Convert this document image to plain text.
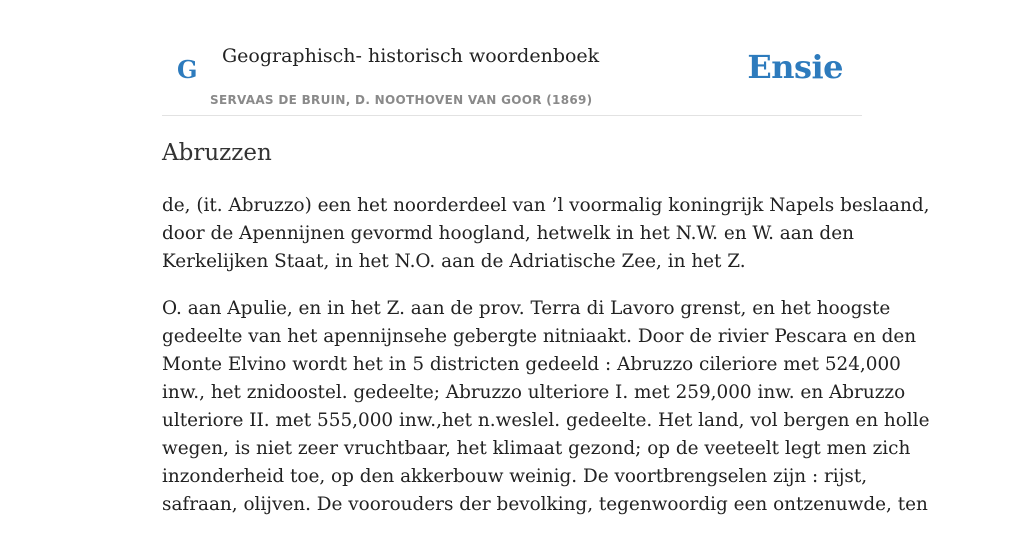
G Geographisch- historisch woordenboek
SERVAAS DE BRUIN, D. NOOTHOVEN VAN GOOR (1869)
Ensie
Abruzzen

de, (it. Abruzzo) een het noorderdeel van ’l voormalig koningrijk Napels beslaand,
door de Apennijnen gevormd hoogland, hetwelk in het N.W. en W. aan den
Kerkelijken Staat, in het N.O. aan de Adriatische Zee, in het Z.

O. aan Apulie, en in het Z. aan de prov. Terra di Lavoro grenst, en het hoogste
gedeelte van het apennijnsehe gebergte nitniaakt. Door de rivier Pescara en den
Monte Elvino wordt het in 5 districten gedeeld : Abruzzo cileriore met 524,000
inw., het znidoostel. gedeelte; Abruzzo ulteriore I. met 259,000 inw. en Abruzzo
ulteriore II. met 555,000 inw.,het n.weslel. gedeelte. Het land, vol bergen en holle
wegen, is niet zeer vruchtbaar, het klimaat gezond; op de veeteelt legt men zich
inzonderheid toe, op den akkerbouw weinig. De voortbrengselen zijn : rijst,
safraan, olijven. De voorouders der bevolking, tegenwoordig een ontzenuwde, ten
